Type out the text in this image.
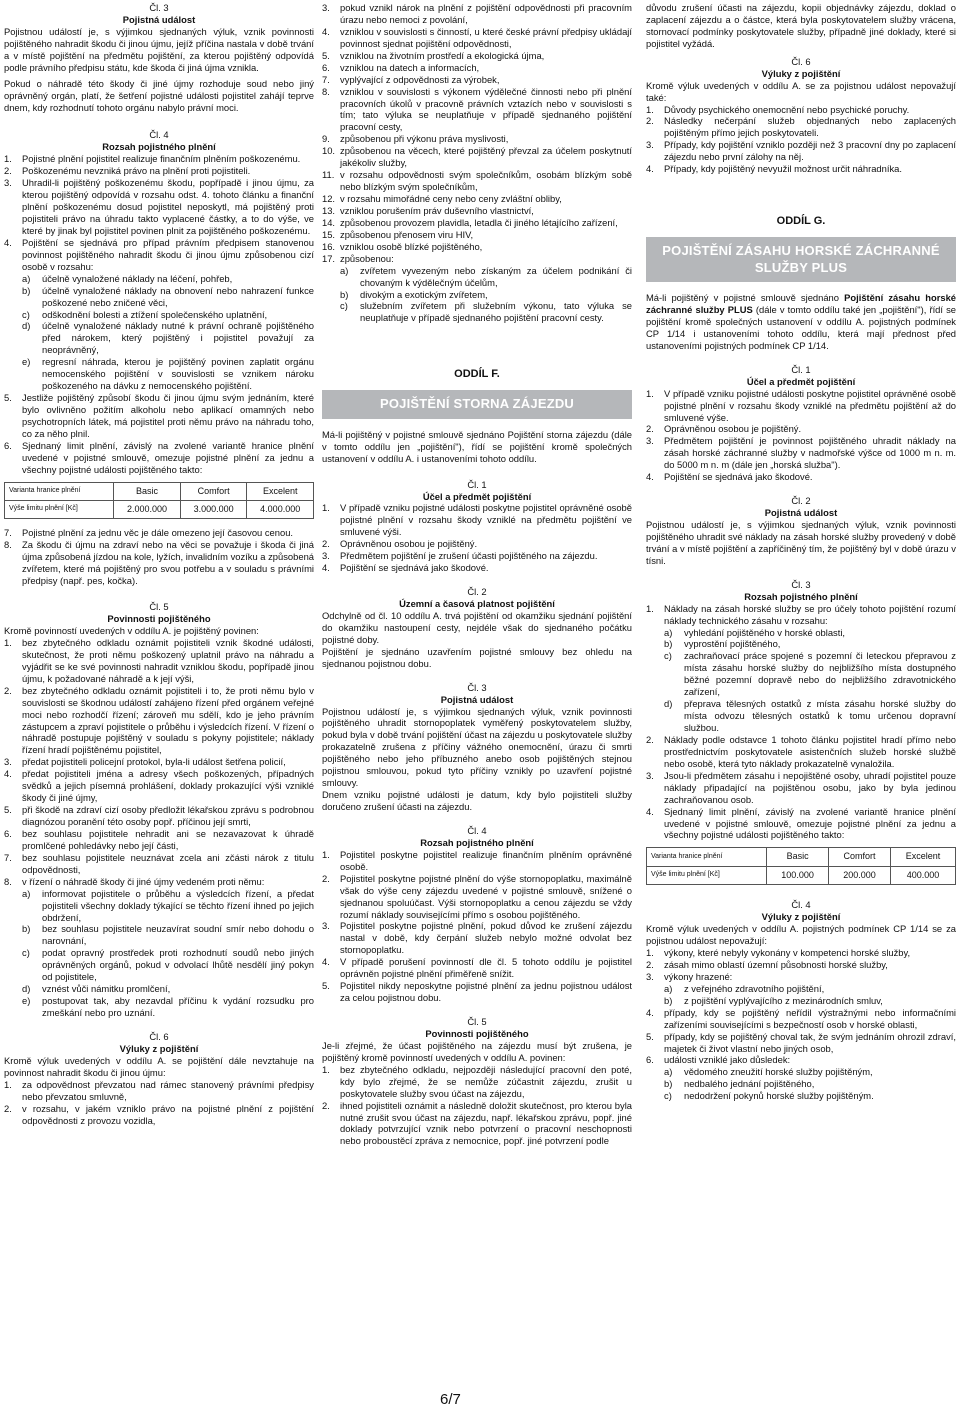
Čl. 3
Pojistná událost

Pojistnou událostí je, s výjimkou sjednaných výluk, vznik povinnosti pojištěného nahradit škodu či jinou újmu, jejíž příčina nastala v době trvání a v místě pojištění na předmětu pojištění, za kterou pojištěný odpovídá podle právního předpisu státu, kde škoda či jiná újma vznikla.

Pokud o náhradě této škody či jiné újmy rozhoduje soud nebo jiný oprávněný orgán, platí, že šetření pojistné události pojistitel zahájí teprve dnem, kdy rozhodnutí tohoto orgánu nabylo právní moci.

Čl. 4
Rozsah pojistného plnění
1.	Pojistné plnění pojistitel realizuje finančním plněním poškozenému.
2.	Poškozenému nevzniká právo na plnění proti pojistiteli.
3.	Uhradil-li pojištěný poškozenému škodu, popřípadě i jinou újmu, za kterou pojištěný odpovídá v rozsahu odst. 4. tohoto článku a finanční plnění poškozenému dosud pojistitel neposkytl, má pojištěný proti pojistiteli právo na úhradu takto vyplacené částky, a to do výše, ve které by jinak byl pojistitel povinen plnit za pojištěného poškozenému.
4.	Pojištění se sjednává pro případ právním předpisem stanovenou povinnost pojištěného nahradit škodu či jinou újmu způsobenou cizí osobě v rozsahu:
a)	účelně vynaložené náklady na léčení, pohřeb,
b)	účelně vynaložené náklady na obnovení nebo nahrazení funkce poškozené nebo zničené věci,
c)	odškodnění bolesti a ztížení společenského uplatnění,
d)	účelně vynaložené náklady nutné k právní ochraně pojištěného před nárokem, který pojištěný i pojistitel považují za neoprávněný,
e)	regresní náhrada, kterou je pojištěný povinen zaplatit orgánu nemocenského pojištění v souvislosti se vznikem nároku poškozeného na dávku z nemocenského pojištění.
5.	Jestliže pojištěný způsobí škodu či jinou újmu svým jednáním, které bylo ovlivněno požitím alkoholu nebo aplikací omamných nebo psychotropních látek, má pojistitel proti němu právo na náhradu toho, co za něho plnil.
6.	Sjednaný limit plnění, závislý na zvolené variantě hranice plnění uvedené v pojistné smlouvě, omezuje pojistné plnění za jednu a všechny pojistné události pojištěného takto:
Varianta hranice plnění	Basic	Comfort	Excelent
Výše limitu plnění [Kč]	2.000.000	3.000.000	4.000.000
7.	Pojistné plnění za jednu věc je dále omezeno její časovou cenou.
8.	Za škodu či újmu na zdraví nebo na věci se považuje i škoda či jiná újma způsobená jízdou na kole, lyžích, invalidním vozíku a způsobená zvířetem, které má pojištěný pro svou potřebu a v souladu s právními předpisy (např. pes, kočka).
Čl. 5
Povinnosti pojištěného

Kromě povinností uvedených v oddílu A. je pojištěný povinen:

1.	bez zbytečného odkladu oznámit pojistiteli vznik škodné události, skutečnost, že proti němu poškozený uplatnil právo na náhradu a vyjádřit se ke své povinnosti nahradit vzniklou škodu, popřípadě jinou újmu, k požadované náhradě a k její výši,
2.	bez zbytečného odkladu oznámit pojistiteli i to, že proti němu bylo v souvislosti se škodnou událostí zahájeno řízení před orgánem veřejné moci nebo rozhodčí řízení; zároveň mu sdělí, kdo je jeho právním zástupcem a zpraví pojistitele o průběhu i výsledcích řízení. V řízení o náhradě postupuje pojištěný v souladu s pokyny pojistitele; náklady řízení hradí pojištěnému pojistitel,
3.	předat pojistiteli policejní protokol, byla-li událost šetřena policií,
4.	předat pojistiteli jména a adresy všech poškozených, případných svědků a jejich písemná prohlášení, doklady prokazující výši vzniklé škody či jiné újmy,
5.	při škodě na zdraví cizí osoby předložit lékařskou zprávu s podrobnou diagnózou poranění této osoby popř. příčinou její smrti,
6.	bez souhlasu pojistitele nehradit ani se nezavazovat k úhradě promlčené pohledávky nebo její části,
7.	bez souhlasu pojistitele neuznávat zcela ani zčásti nárok z titulu odpovědnosti,
8.	v řízení o náhradě škody či jiné újmy vedeném proti němu:
a)	informovat pojistitele o průběhu a výsledcích řízení, a předat pojistiteli všechny doklady týkající se těchto řízení ihned po jejich obdržení,
b)	bez souhlasu pojistitele neuzavírat soudní smír nebo dohodu o narovnání,
c)	podat opravný prostředek proti rozhodnutí soudů nebo jiných oprávněných orgánů, pokud v odvolací lhůtě nesdělí jiný pokyn od pojistitele,
d)	vznést vůči námitku promlčení,
e)	postupovat tak, aby nezavdal příčinu k vydání rozsudku pro zmeškání nebo pro uznání.
Čl. 6
Výluky z pojištění

Kromě výluk uvedených v oddílu A. se pojištění dále nevztahuje na povinnost nahradit škodu či jinou újmu:

1.	za odpovědnost převzatou nad rámec stanovený právními předpisy nebo převzatou smluvně,
2.	v rozsahu, v jakém vzniklo právo na pojistné plnění z pojištění odpovědnosti z provozu vozidla,
3.	pokud vznikl nárok na plnění z pojištění odpovědnosti při pracovním úrazu nebo nemoci z povolání,
4.	vzniklou v souvislosti s činností, u které české právní předpisy ukládají povinnost sjednat pojištění odpovědnosti,
5.	vzniklou na životním prostředí a ekologická újma,
6.	vzniklou na datech a informacích,
7.	vyplývající z odpovědnosti za výrobek,
8.	vzniklou v souvislosti s výkonem výdělečné činnosti nebo při plnění pracovních úkolů v pracovně právních vztazích nebo v souvislosti s tím; tato výluka se neuplatňuje v případě sjednaného pojištění pracovní cesty,
9.	způsobenou při výkonu práva myslivosti,
10. způsobenou na věcech, které pojištěný převzal za účelem poskytnutí jakékoliv služby,
11. v rozsahu odpovědnosti svým společníkům, osobám blízkým sobě nebo blízkým svým společníkům,
12. v rozsahu mimořádné ceny nebo ceny zvláštní obliby,
13. vzniklou porušením práv duševního vlastnictví,
14. způsobenou provozem plavidla, letadla či jiného létajícího zařízení,
15. způsobenou přenosem viru HIV,
16. vzniklou osobě blízké pojištěného,
17. způsobenou:
a)	zvířetem vyvezeným nebo získaným za účelem podnikání či chovaným k výdělečným účelům,
b)	divokým a exotickým zvířetem,
c)	služebním zvířetem při služebním výkonu, tato výluka se neuplatňuje v případě sjednaného pojištění pracovní cesty.
ODDÍL F.
POJIŠTĚNÍ STORNA ZÁJEZDU

Má-li pojištěný v pojistné smlouvě sjednáno Pojištění storna zájezdu (dále v tomto oddílu jen „pojištění"), řídí se pojištění kromě společných ustanovení v oddílu A. i ustanoveními tohoto oddílu.

Čl. 1
Účel a předmět pojištění
1.	V případě vzniku pojistné události poskytne pojistitel oprávněné osobě pojistné plnění v rozsahu škody vzniklé na předmětu pojištění ve smluvené výši.
2.	Oprávněnou osobou je pojištěný.
3.	Předmětem pojištění je zrušení účasti pojištěného na zájezdu.
4.	Pojištění se sjednává jako škodové.
Čl. 2
Územní a časová platnost pojištění

Odchylně od čl. 10 oddílu A. trvá pojištění od okamžiku sjednání pojištění do okamžiku nastoupení cesty, nejdéle však do sjednaného počátku pojistné doby.

Pojištění je sjednáno uzavřením pojistné smlouvy bez ohledu na sjednanou pojistnou dobu.

Čl. 3
Pojistná událost

Pojistnou událostí je, s výjimkou sjednaných výluk, vznik povinnosti pojištěného uhradit stornopoplatek vyměřený poskytovatelem služby, pokud byla v době trvání pojištění účast na zájezdu u poskytovatele služby prokazatelně zrušena z příčiny vážného onemocnění, úrazu či smrti pojištěného nebo jeho příbuzného anebo osob pojištěných stejnou pojistnou smlouvou, pokud tyto příčiny vznikly po uzavření pojistné smlouvy.

Dnem vzniku pojistné události je datum, kdy bylo pojistiteli služby doručeno zrušení účasti na zájezdu.

Čl. 4
Rozsah pojistného plnění
1.	Pojistitel poskytne pojistitel realizuje finančním plněním oprávněné osobě.
2.	Pojistitel poskytne pojistné plnění do výše stornopoplatku, maximálně však do výše ceny zájezdu uvedené v pojistné smlouvě, snížené o sjednanou spoluúčast. Výši stornopoplatku a cenou zájezdu se vždy rozumí náklady souvisejícími přímo s osobou pojištěného.
3.	Pojistitel poskytne pojistné plnění, pokud důvod ke zrušení zájezdu nastal v době, kdy čerpání služeb nebylo možné odvolat bez stornopoplatku.
4.	V případě porušení povinností dle čl. 5 tohoto oddílu je pojistitel oprávněn pojistné plnění přiměřeně snížit.
5.	Pojistitel nikdy neposkytne pojistné plnění za jednu pojistnou událost za celou pojistnou dobu.
Čl. 5
Povinnosti pojištěného

Je-li zřejmé, že účast pojištěného na zájezdu musí být zrušena, je pojištěný kromě povinností uvedených v oddílu A. povinen:

1.	bez zbytečného odkladu, nejpozději následující pracovní den poté, kdy bylo zřejmé, že se nemůže zúčastnit zájezdu, zrušit u poskytovatele služby svou účast na zájezdu,
2.	ihned pojistiteli oznámit a následně doložit skutečnost, pro kterou byla nutné zrušit svou účast na zájezdu, např. lékařskou zprávu, popř. jiné doklady potvrzující vznik nebo potvrzení o pracovní neschopnosti nebo proboustěcí zpráva z nemocnice, popř. jiné potvrzení podle

důvodu zrušení účasti na zájezdu, kopii objednávky zájezdu, doklad o zaplacení zájezdu a o částce, která byla poskytovatelem služby vrácena, stornovací podmínky poskytovatele služby, případně jiné doklady, které si pojistitel vyžádá.

Čl. 6
Výluky z pojištění

Kromě výluk uvedených v oddílu A. se za pojistnou událost nepovažují také:

1.	Důvody psychického onemocnění nebo psychické poruchy.
2.	Následky nečerpání služeb objednaných nebo zaplacených pojištěným přímo jejich poskytovateli.
3.	Případy, kdy pojištění vzniklo později než 3 pracovní dny po zaplacení zájezdu nebo první zálohy na něj.
4.	Případy, kdy pojištěný nevyužil možnost určit náhradníka.
ODDÍL G.
POJIŠTĚNÍ ZÁSAHU HORSKÉ ZÁCHRANNÉ SLUŽBY PLUS

Má-li pojištěný v pojistné smlouvě sjednáno Pojištění zásahu horské záchranné služby PLUS (dále v tomto oddílu také jen „pojištění"), řídí se pojištění kromě společných ustanovení v oddílu A. pojistných podmínek CP 1/14 i ustanoveními tohoto oddílu, která mají přednost před ustanoveními pojistných podmínek CP 1/14.

Čl. 1
Účel a předmět pojištění
1.	V případě vzniku pojistné události poskytne pojistitel oprávněné osobě pojistné plnění v rozsahu škody vzniklé na předmětu pojištění až do smluvené výše.
2.	Oprávněnou osobou je pojištěný.
3.	Předmětem pojištění je povinnost pojištěného uhradit náklady na zásah horské záchranné služby v nadmořské výšce od 1000 m n. m. do 5000 m n. m (dále jen „horská služba").
4.	Pojištění se sjednává jako škodové.
Čl. 2
Pojistná událost

Pojistnou událostí je, s výjimkou sjednaných výluk, vznik povinnosti pojištěného uhradit své náklady na zásah horské služby provedený v době trvání a v místě pojištění a zapříčiněný tím, že pojištěný byl v době úrazu v tísni.

Čl. 3
Rozsah pojistného plnění
1.	Náklady na zásah horské služby se pro účely tohoto pojištění rozumí náklady technického zásahu v rozsahu:
a)	vyhledání pojištěného v horské oblasti,
b)	vyprostění pojištěného,
c)	zachraňovací práce spojené s pozemní či leteckou přepravou z místa zásahu horské služby do nejbližšího místa dostupného běžné pozemní dopravě nebo do nejbližšího zdravotnického zařízení,
d)	přeprava tělesných ostatků z místa zásahu horské služby do místa odvozu tělesných ostatků k tomu určenou dopravní službou.
2.	Náklady podle odstavce 1 tohoto článku pojistitel hradí přímo nebo prostřednictvím poskytovatele asistenčních služeb horské službě nebo osobě, která tyto náklady prokazatelně vynaložila.
3.	Jsou-li předmětem zásahu i nepojištěné osoby, uhradí pojistitel pouze náklady připadající na pojištěnou osobu, jako by byla jedinou zachraňovanou osob.
4.	Sjednaný limit plnění, závislý na zvolené variantě hranice plnění uvedené v pojistné smlouvě, omezuje pojistné plnění za jednu a všechny pojistné události pojištěného takto:
Varianta hranice plnění	Basic	Comfort	Excelent
Výše limitu plnění [Kč]	100.000	200.000	400.000
Čl. 4
Výluky z pojištění

Kromě výluk uvedených v oddílu A. pojistných podmínek CP 1/14 se za pojistnou událost nepovažují:

1.	výkony, které nebyly vykonány v kompetenci horské služby,
2.	zásah mimo oblastí územní působnosti horské služby,
3.	výkony hrazené:
a)	z veřejného zdravotního pojištění,
b)	z pojištění vyplývajícího z mezinárodních smluv,
4.	případy, kdy se pojištěný neřídil výstražnými nebo informačními zařízeními souvisejícími s bezpečností osob v horské oblasti,
5.	případy, kdy se pojištěný choval tak, že svým jednáním ohrozil zdraví, majetek či život vlastní nebo jiných osob,
6.	události vzniklé jako důsledek:
a)	vědomého zneužití horské služby pojištěným,
b)	nedbalého jednání pojištěného,
c)	nedodržení pokynů horské služby pojištěným.
6/7
